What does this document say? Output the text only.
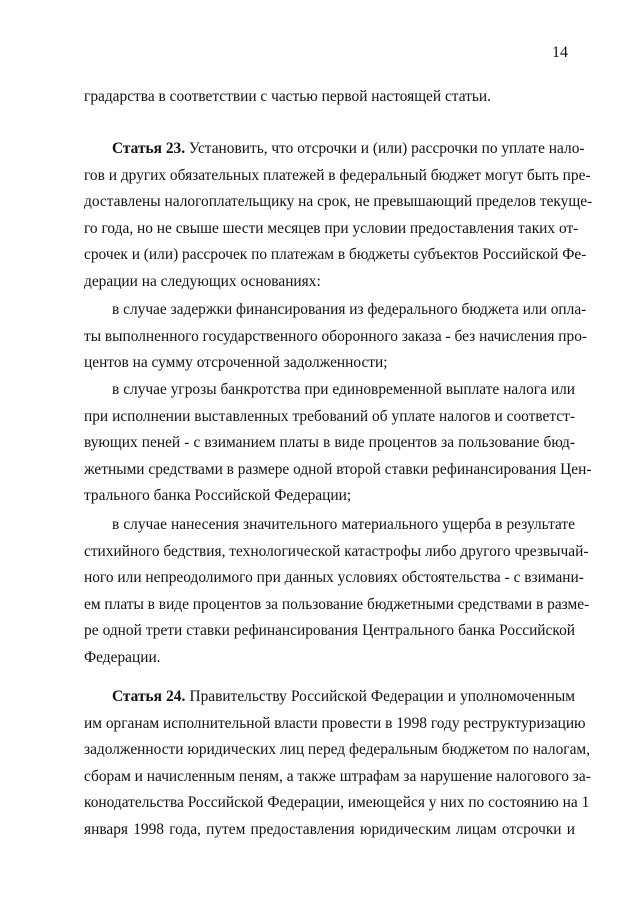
14
градарства в соответствии с частью первой настоящей статьи.
Статья 23. Установить, что отсрочки и (или) рассрочки по уплате нало-
гов и других обязательных платежей в федеральный бюджет могут быть пре-
доставлены налогоплательщику на срок, не превышающий пределов текуще-
го года, но не свыше шести месяцев при условии предоставления таких от-
срочек и (или) рассрочек по платежам в бюджеты субъектов Российской Фе-
дерации на следующих основаниях:
в случае задержки финансирования из федерального бюджета или опла-
ты выполненного государственного оборонного заказа - без начисления про-
центов на сумму отсроченной задолженности;
в случае угрозы банкротства при единовременной выплате налога или
при исполнении выставленных требований об уплате налогов и соответст-
вующих пеней - с взиманием платы в виде процентов за пользование бюд-
жетными средствами в размере одной второй ставки рефинансирования Цен-
трального банка Российской Федерации;
в случае нанесения значительного материального ущерба в результате
стихийного бедствия, технологической катастрофы либо другого чрезвычай-
ного или непреодолимого при данных условиях обстоятельства - с взимани-
ем платы в виде процентов за пользование бюджетными средствами в разме-
ре одной трети ставки рефинансирования Центрального банка Российской
Федерации.
Статья 24. Правительству Российской Федерации и уполномоченным
им органам исполнительной власти провести в 1998 году реструктуризацию
задолженности юридических лиц перед федеральным бюджетом по налогам,
сборам и начисленным пеням, а также штрафам за нарушение налогового за-
конодательства Российской Федерации, имеющейся у них по состоянию на 1
января 1998 года, путем предоставления юридическим лицам отсрочки и
